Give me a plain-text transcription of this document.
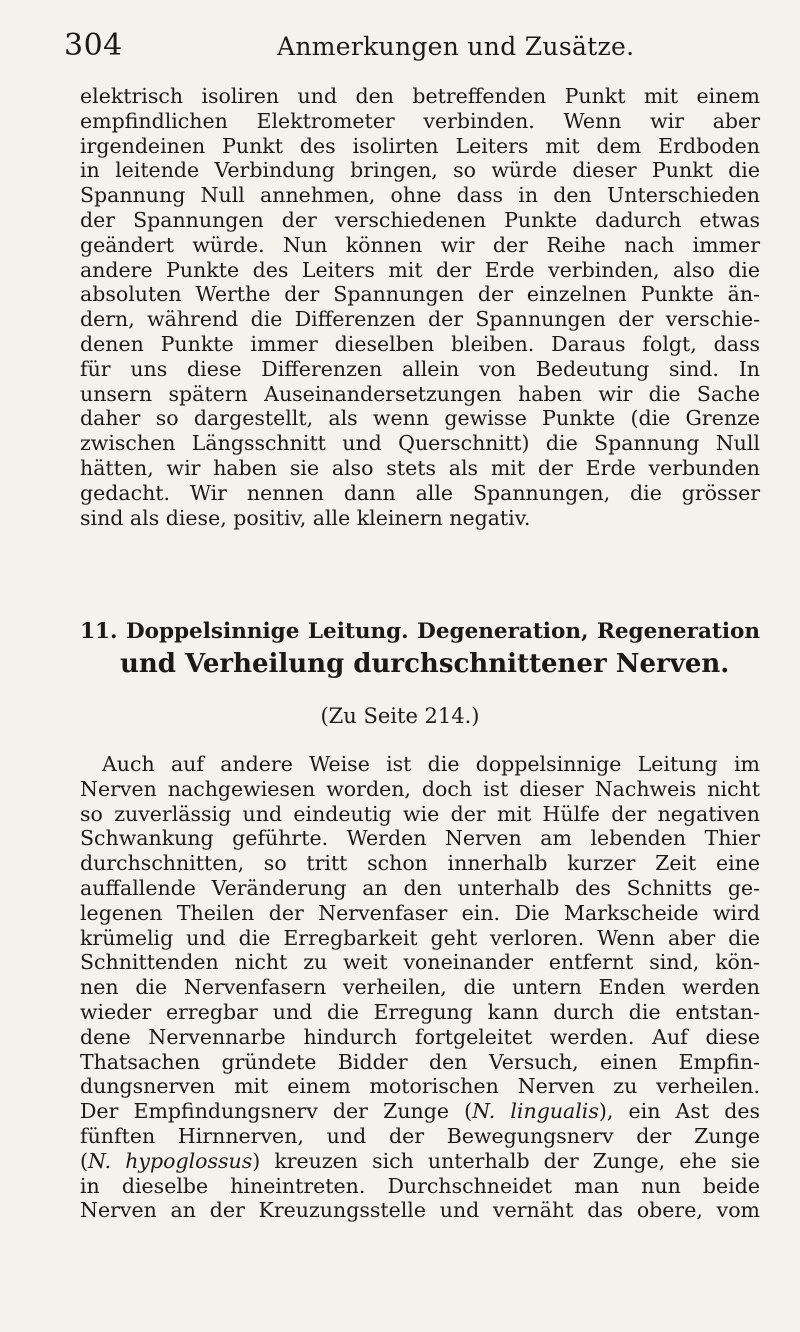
304	Anmerkungen und Zusätze.
elektrisch isoliren und den betreffenden Punkt mit einem
empfindlichen Elektrometer verbinden. Wenn wir aber
irgendeinen Punkt des isolirten Leiters mit dem Erdboden
in leitende Verbindung bringen, so würde dieser Punkt die
Spannung Null annehmen, ohne dass in den Unterschieden
der Spannungen der verschiedenen Punkte dadurch etwas
geändert würde. Nun können wir der Reihe nach immer
andere Punkte des Leiters mit der Erde verbinden, also die
absoluten Werthe der Spannungen der einzelnen Punkte än-
dern, während die Differenzen der Spannungen der verschie-
denen Punkte immer dieselben bleiben. Daraus folgt, dass
für uns diese Differenzen allein von Bedeutung sind. In
unsern spätern Auseinandersetzungen haben wir die Sache
daher so dargestellt, als wenn gewisse Punkte (die Grenze
zwischen Längsschnitt und Querschnitt) die Spannung Null
hätten, wir haben sie also stets als mit der Erde verbunden
gedacht. Wir nennen dann alle Spannungen, die grösser
sind als diese, positiv, alle kleinern negativ.
11. Doppelsinnige Leitung. Degeneration, Regeneration
und Verheilung durchschnittener Nerven.
(Zu Seite 214.)
Auch auf andere Weise ist die doppelsinnige Leitung im
Nerven nachgewiesen worden, doch ist dieser Nachweis nicht
so zuverlässig und eindeutig wie der mit Hülfe der negativen
Schwankung geführte. Werden Nerven am lebenden Thier
durchschnitten, so tritt schon innerhalb kurzer Zeit eine
auffallende Veränderung an den unterhalb des Schnitts ge-
legenen Theilen der Nervenfaser ein. Die Markscheide wird
krümelig und die Erregbarkeit geht verloren. Wenn aber die
Schnittenden nicht zu weit voneinander entfernt sind, kön-
nen die Nervenfasern verheilen, die untern Enden werden
wieder erregbar und die Erregung kann durch die entstan-
dene Nervennarbe hindurch fortgeleitet werden. Auf diese
Thatsachen gründete Bidder den Versuch, einen Empfin-
dungsnerven mit einem motorischen Nerven zu verheilen.
Der Empfindungsnerv der Zunge (N. lingualis), ein Ast des
fünften Hirnnerven, und der Bewegungsnerv der Zunge
(N. hypoglossus) kreuzen sich unterhalb der Zunge, ehe sie
in dieselbe hineintreten. Durchschneidet man nun beide
Nerven an der Kreuzungsstelle und vernäht das obere, vom
